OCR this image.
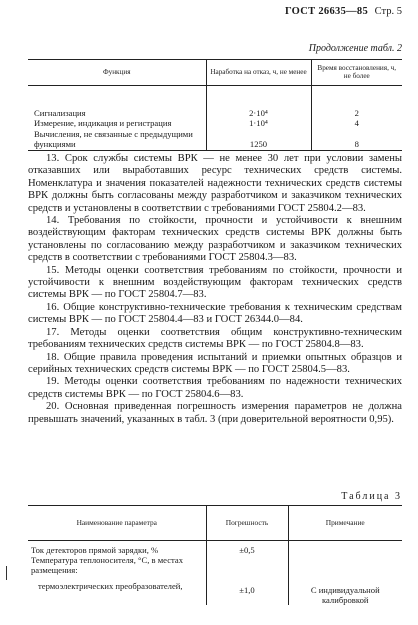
ГОСТ 26635—85 Стр. 5
Продолжение табл. 2
Функция	Наработка на отказ, ч, не менее	Время восстановления, ч, не более
Сигнализация	2·10⁴	2
Измерение, индикация и регистрация	1·10⁴	4
Вычисления, не связанные с предыдущими функциями	1250	8

13. Срок службы системы ВРК — не менее 30 лет при условии замены отказавших или выработавших ресурс технических средств системы. Номенклатура и значения показателей надежности технических средств системы ВРК должны быть согласованы между разработчиком и заказчиком технических средств и установлены в соответствии с требованиями ГОСТ 25804.2—83.

14. Требования по стойкости, прочности и устойчивости к внешним воздействующим факторам технических средств системы ВРК должны быть установлены по согласованию между разработчиком и заказчиком технических средств в соответствии с требованиями ГОСТ 25804.3—83.

15. Методы оценки соответствия требованиям по стойкости, прочности и устойчивости к внешним воздействующим факторам технических средств системы ВРК — по ГОСТ 25804.7—83.

16. Общие конструктивно-технические требования к техническим средствам системы ВРК — по ГОСТ 25804.4—83 и ГОСТ 26344.0—84.

17. Методы оценки соответствия общим конструктивно-техническим требованиям технических средств системы ВРК — по ГОСТ 25804.8—83.

18. Общие правила проведения испытаний и приемки опытных образцов и серийных технических средств системы ВРК — по ГОСТ 25804.5—83.

19. Методы оценки соответствия требованиям по надежности технических средств системы ВРК — по ГОСТ 25804.6—83.

20. Основная приведенная погрешность измерения параметров не должна превышать значений, указанных в табл. 3 (при доверительной вероятности 0,95).

Таблица 3
Наименование параметра	Погрешность	Примечание
Ток детекторов прямой зарядки, %	±0,5	
Температура теплоносителя, °С, в местах размещения:		
термоэлектрических преобразователей,	±1,0	С индивидуальной калибровкой
